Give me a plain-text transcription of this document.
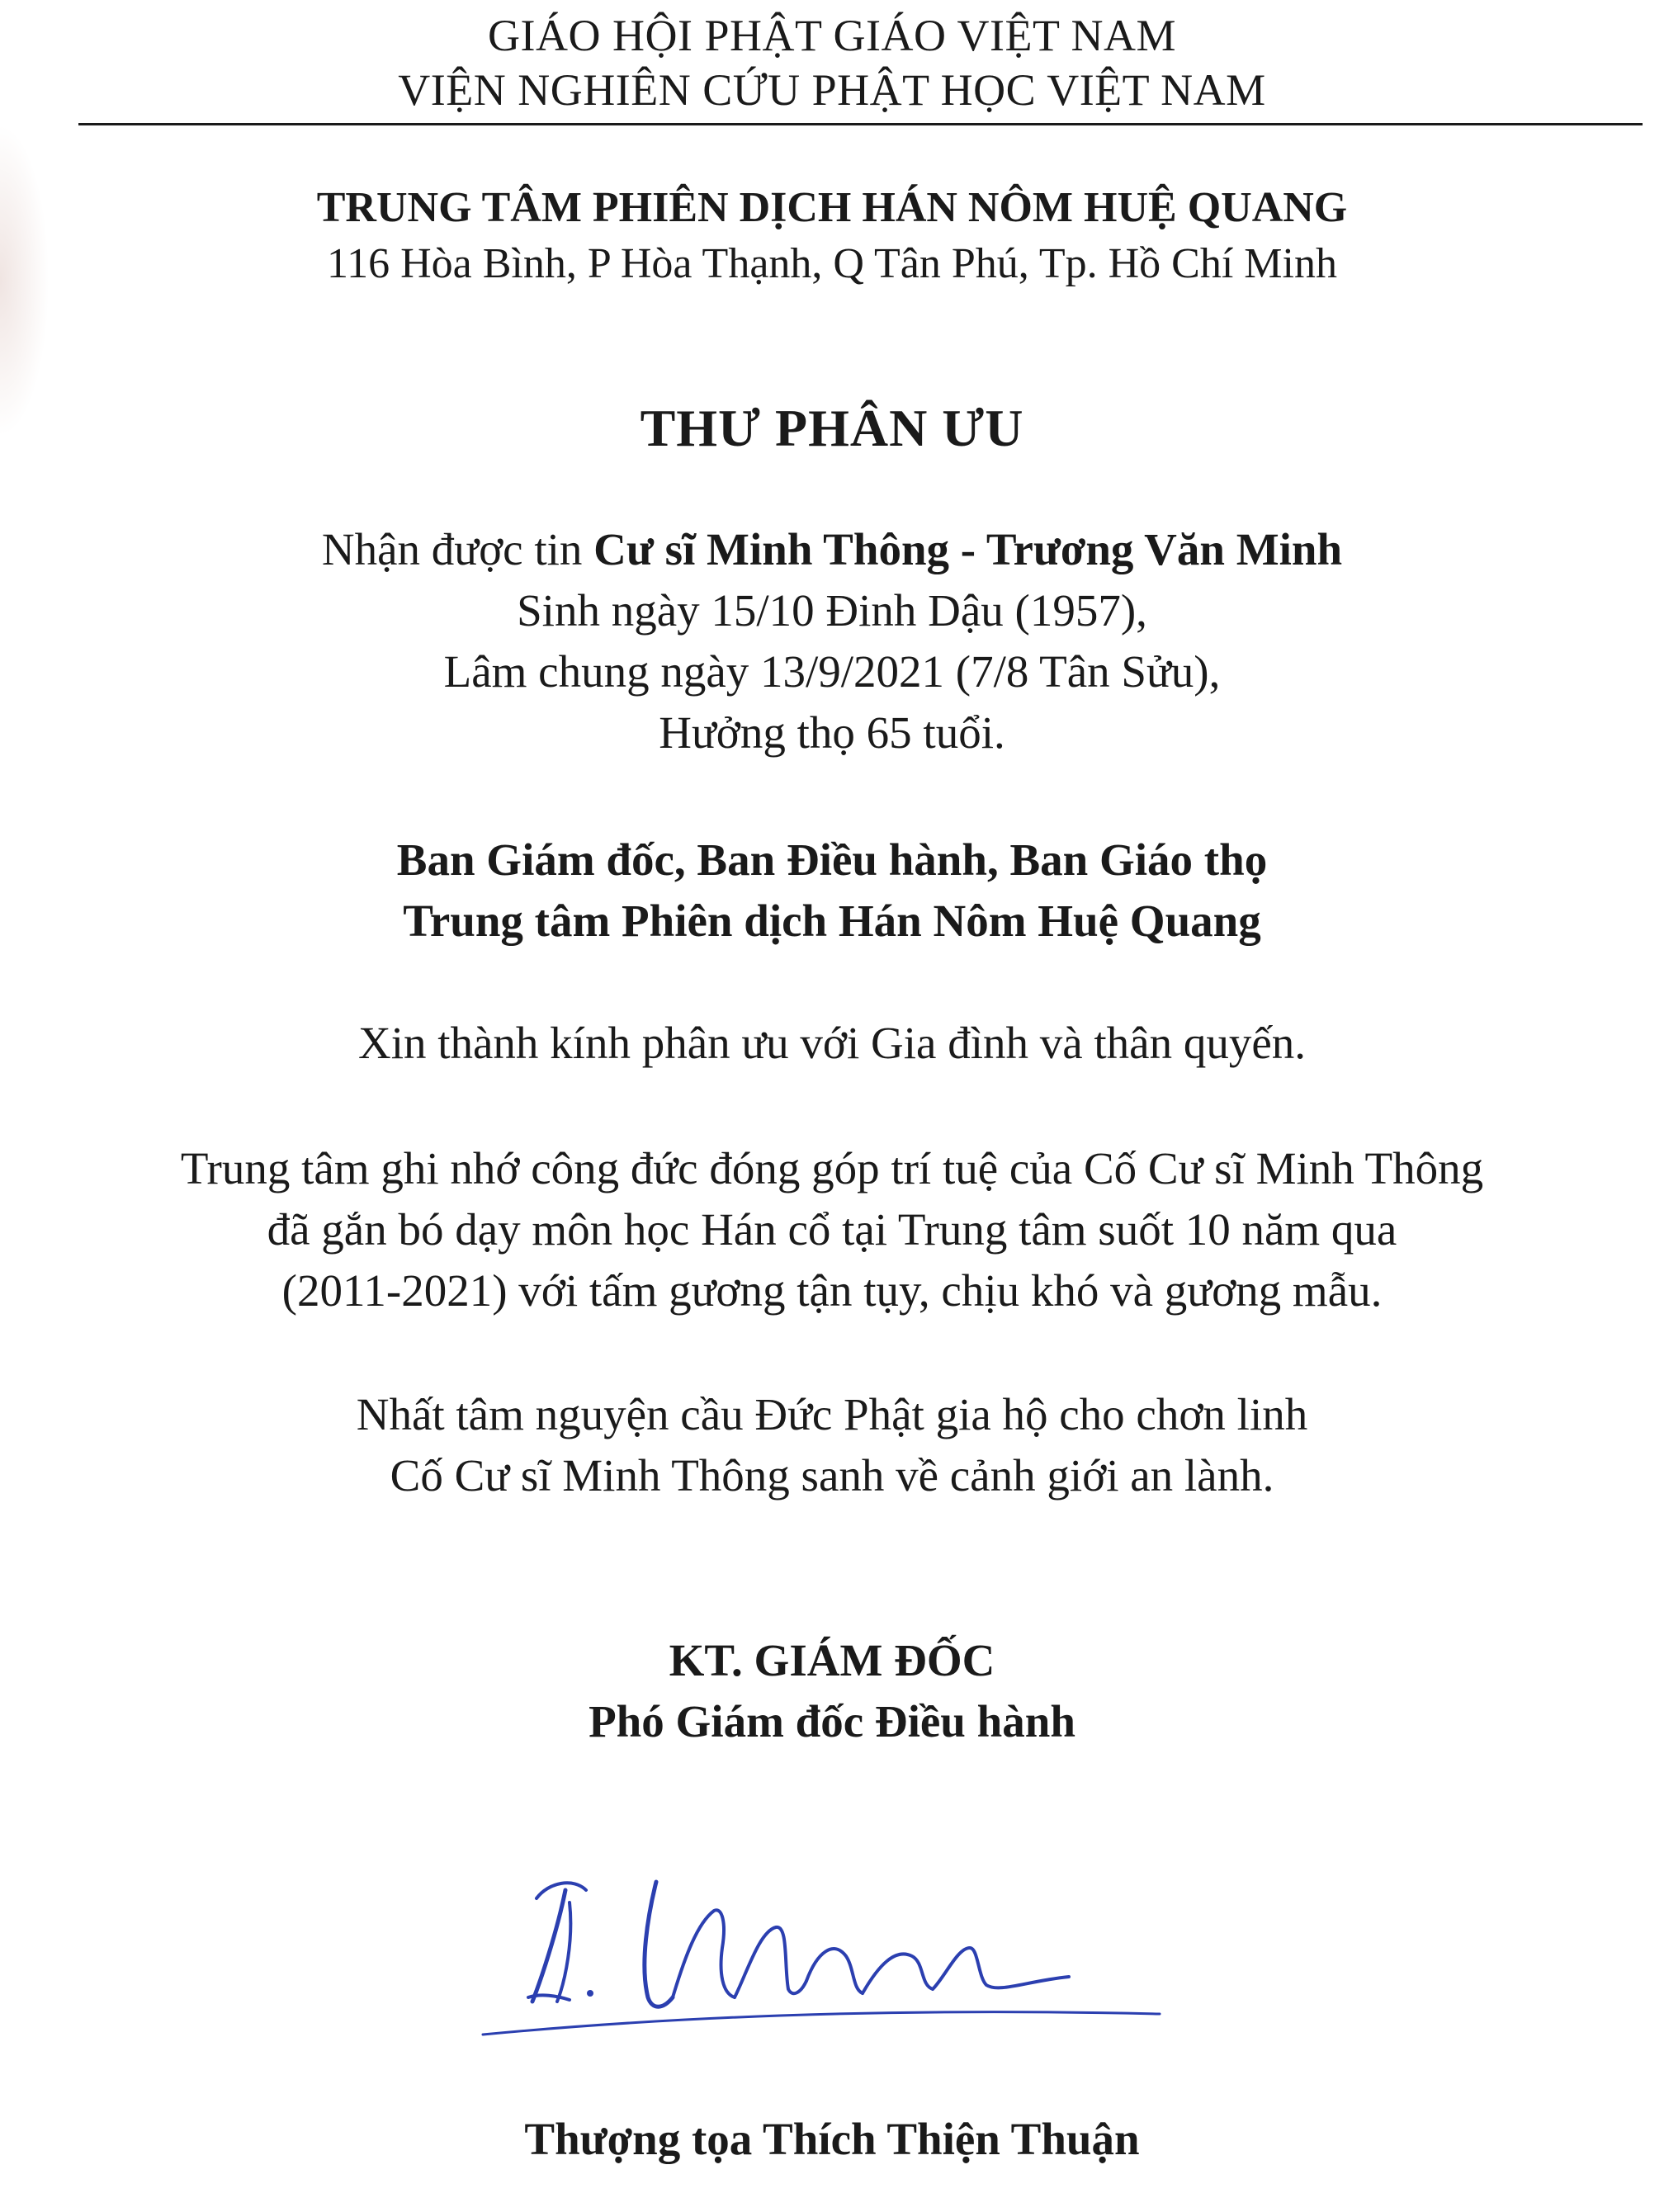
GIÁO HỘI PHẬT GIÁO VIỆT NAM
VIỆN NGHIÊN CỨU PHẬT HỌC VIỆT NAM
TRUNG TÂM PHIÊN DỊCH HÁN NÔM HUỆ QUANG
116 Hòa Bình, P Hòa Thạnh, Q Tân Phú, Tp. Hồ Chí Minh
THƯ PHÂN ƯU
Nhận được tin Cư sĩ Minh Thông - Trương Văn Minh
Sinh ngày 15/10 Đinh Dậu (1957),
Lâm chung ngày 13/9/2021 (7/8 Tân Sửu),
Hưởng thọ 65 tuổi.
Ban Giám đốc, Ban Điều hành, Ban Giáo thọ
Trung tâm Phiên dịch Hán Nôm Huệ Quang
Xin thành kính phân ưu với Gia đình và thân quyến.
Trung tâm ghi nhớ công đức đóng góp trí tuệ của Cố Cư sĩ Minh Thông
đã gắn bó dạy môn học Hán cổ tại Trung tâm suốt 10 năm qua
(2011-2021) với tấm gương tận tụy, chịu khó và gương mẫu.
Nhất tâm nguyện cầu Đức Phật gia hộ cho chơn linh
Cố Cư sĩ Minh Thông sanh về cảnh giới an lành.
KT. GIÁM ĐỐC
Phó Giám đốc Điều hành
Thượng tọa Thích Thiện Thuận
